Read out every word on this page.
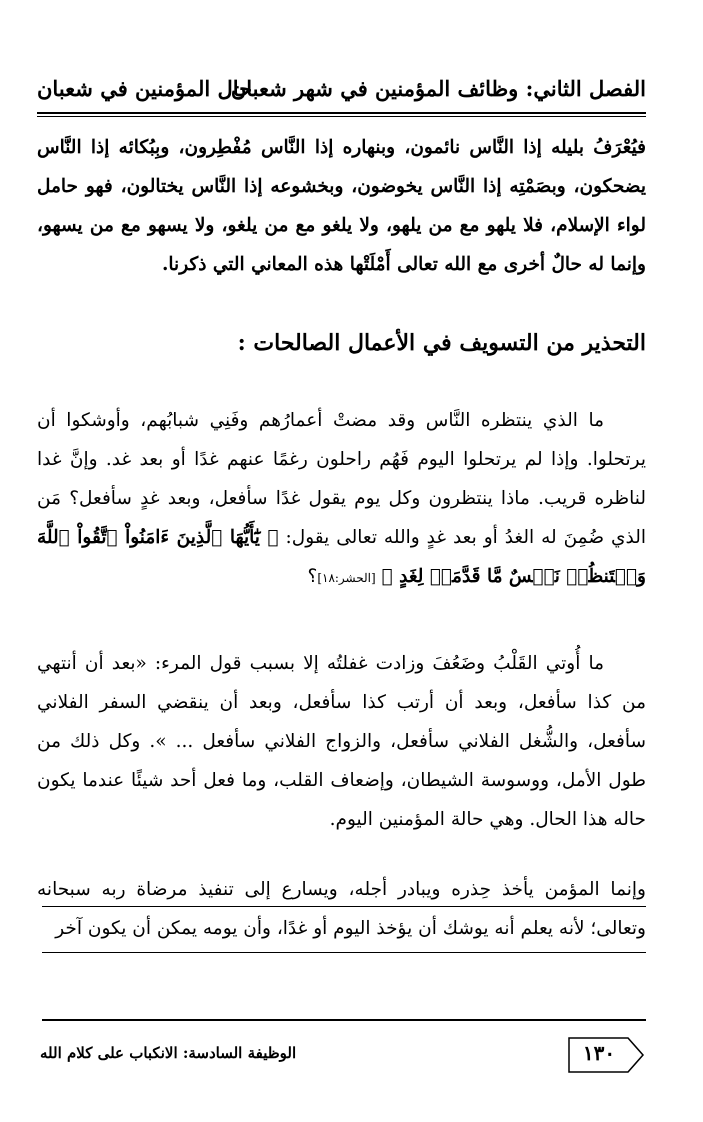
الفصل الثاني: وظائف المؤمنين في شهر شعبان
حال المؤمنين في شعبان
فيُعْرَفُ بليله إذا النَّاس نائمون، وبنهاره إذا النَّاس مُفْطِرون، وبِبُكائه إذا النَّاس يضحكون، وبصَمْتِه إذا النَّاس يخوضون، وبخشوعه إذا النَّاس يختالون، فهو حامل لواء الإسلام، فلا يلهو مع من يلهو، ولا يلغو مع من يلغو، ولا يسهو مع من يسهو، وإنما له حالٌ أخرى مع الله تعالى أَمْلَتْها هذه المعاني التي ذكرنا.
التحذير من التسويف في الأعمال الصالحات :
ما الذي ينتظره النَّاس وقد مضتْ أعمارُهم وفَنِي شبابُهم، وأوشكوا أن يرتحلوا. وإذا لم يرتحلوا اليوم فَهُم راحلون رغمًا عنهم غدًا أو بعد غد. وإنَّ غدا لناظره قريب. ماذا ينتظرون وكل يوم يقول غدًا سأفعل، وبعد غدٍ سأفعل؟ مَن الذي ضُمِنَ له الغدُ أو بعد غدٍ والله تعالى يقول: ﴿ يَٰٓأَيُّهَا ٱلَّذِينَ ءَامَنُواْ ٱتَّقُواْ ٱللَّهَ وَلۡتَنظُرۡ نَفۡسٌ مَّا قَدَّمَتۡ لِغَدٍ ﴾ [الحشر:١٨]؟
ما أُوتي القَلْبُ وضَعُفَ وزادت غفلتُه إلا بسبب قول المرء: «بعد أن أنتهي من كذا سأفعل، وبعد أن أرتب كذا سأفعل، وبعد أن ينقضي السفر الفلاني سأفعل، والشُّغل الفلاني سأفعل، والزواج الفلاني سأفعل ... ». وكل ذلك من طول الأمل، ووسوسة الشيطان، وإضعاف القلب، وما فعل أحد شيئًا عندما يكون حاله هذا الحال. وهي حالة المؤمنين اليوم.
وإنما المؤمن يأخذ حِذره ويبادر أجله، ويسارع إلى تنفيذ مرضاة ربه سبحانه وتعالى؛ لأنه يعلم أنه يوشك أن يؤخذ اليوم أو غدًا، وأن يومه يمكن أن يكون آخر
١٣٠
الوظيفة السادسة: الانكباب على كلام الله
